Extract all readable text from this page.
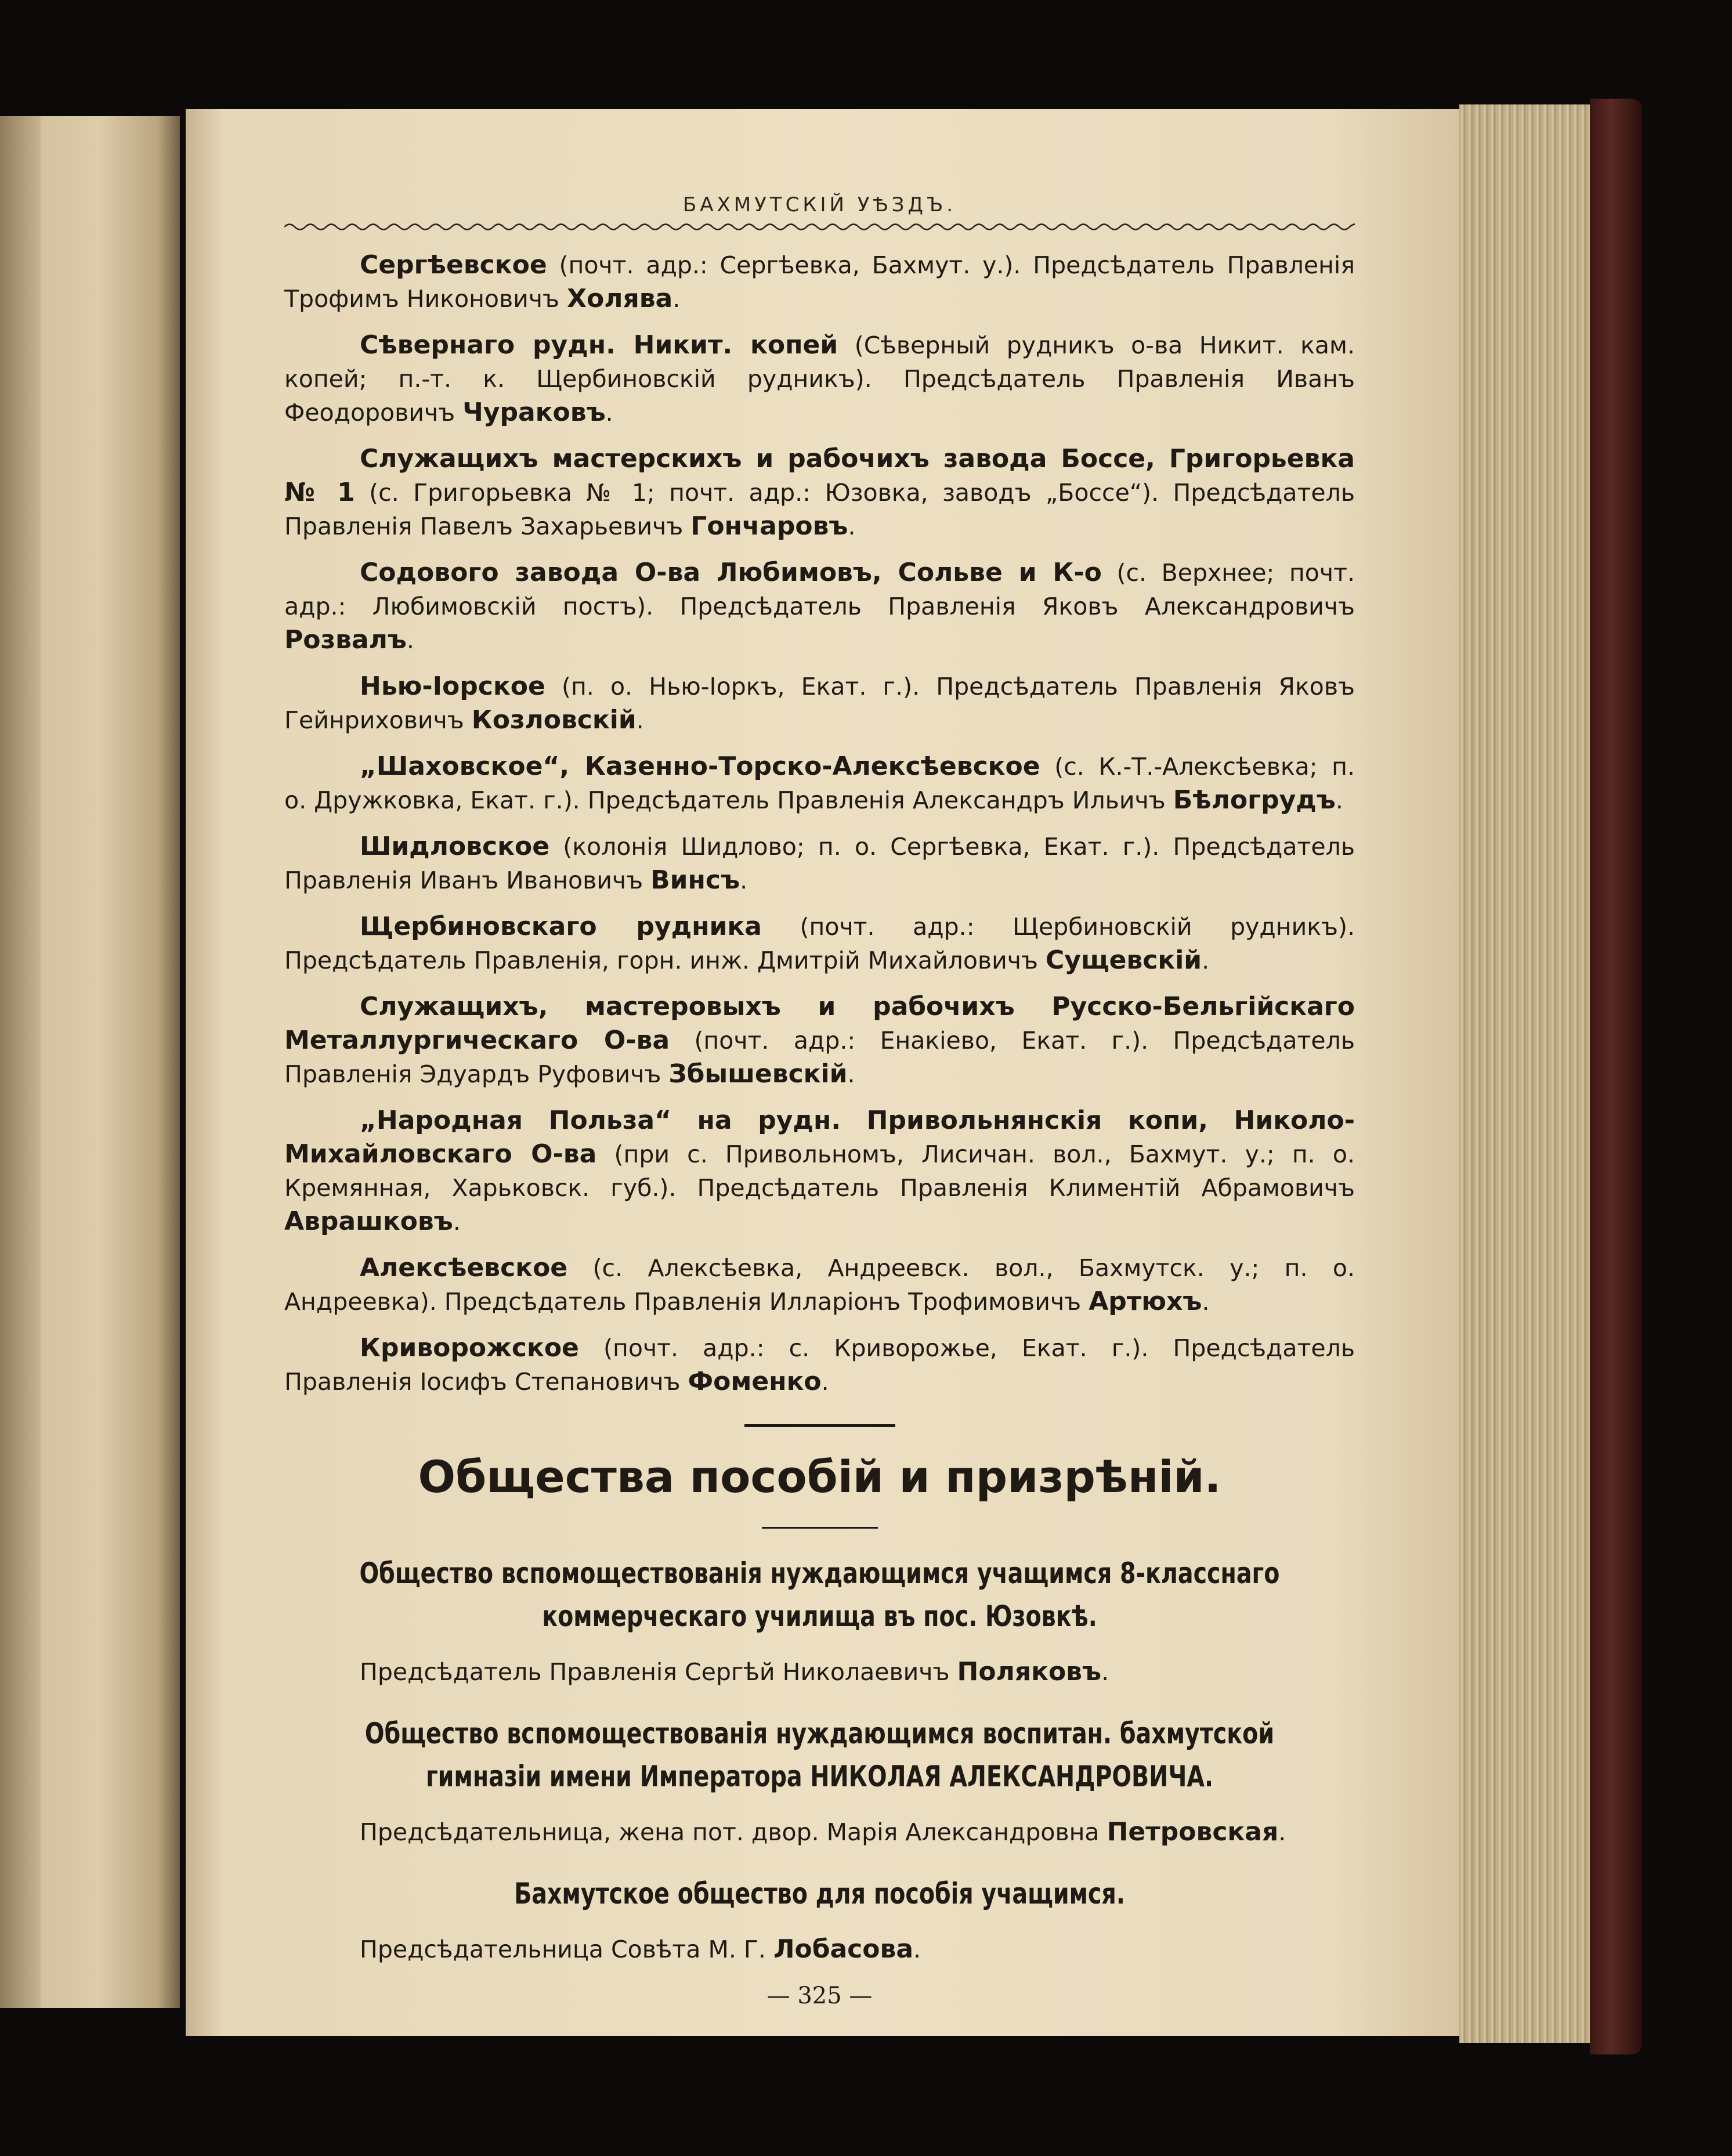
БАХМУТСКІЙ УѢЗДЪ.

Сергѣевское (почт. адр.: Сергѣевка, Бахмут. у.). Предсѣдатель Правленія Трофимъ Никоновичъ Холява.

Сѣвернаго рудн. Никит. копей (Сѣверный рудникъ о-ва Никит. кам. копей; п.-т. к. Щербиновскій рудникъ). Предсѣдатель Правленія Иванъ Феодоровичъ Чураковъ.

Служащихъ мастерскихъ и рабочихъ завода Боссе, Григорьевка № 1 (с. Григорьевка № 1; почт. адр.: Юзовка, заводъ „Боссе“). Предсѣдатель Правленія Павелъ Захарьевичъ Гончаровъ.

Содового завода О-ва Любимовъ, Сольве и К-о (с. Верхнее; почт. адр.: Любимовскій постъ). Предсѣдатель Правленія Яковъ Александровичъ Розвалъ.

Нью-Іорское (п. о. Нью-Іоркъ, Екат. г.). Предсѣдатель Правленія Яковъ Гейнриховичъ Козловскій.

„Шаховское“, Казенно-Торско-Алексѣевское (с. К.-Т.-Алексѣевка; п. о. Дружковка, Екат. г.). Предсѣдатель Правленія Александръ Ильичъ Бѣлогрудъ.

Шидловское (колонія Шидлово; п. о. Сергѣевка, Екат. г.). Предсѣдатель Правленія Иванъ Ивановичъ Винсъ.

Щербиновскаго рудника (почт. адр.: Щербиновскій рудникъ). Предсѣдатель Правленія, горн. инж. Дмитрій Михайловичъ Сущевскій.

Служащихъ, мастеровыхъ и рабочихъ Русско-Бельгійскаго Металлургическаго О-ва (почт. адр.: Енакіево, Екат. г.). Предсѣдатель Правленія Эдуардъ Руфовичъ Збышевскій.

„Народная Польза“ на рудн. Привольнянскія копи, Николо-Михайловскаго О-ва (при с. Привольномъ, Лисичан. вол., Бахмут. у.; п. о. Кремянная, Харьковск. губ.). Предсѣдатель Правленія Климентій Абрамовичъ Аврашковъ.

Алексѣевское (с. Алексѣевка, Андреевск. вол., Бахмутск. у.; п. о. Андреевка). Предсѣдатель Правленія Илларіонъ Трофимовичъ Артюхъ.

Криворожское (почт. адр.: с. Криворожье, Екат. г.). Предсѣдатель Правленія Іосифъ Степановичъ Фоменко.

Общества пособій и призрѣній.
Общество вспомоществованія нуждающимся учащимся 8-класснаго
коммерческаго училища въ пос. Юзовкѣ.

Предсѣдатель Правленія Сергѣй Николаевичъ Поляковъ.

Общество вспомоществованія нуждающимся воспитан. бахмутской
гимназіи имени Императора НИКОЛАЯ АЛЕКСАНДРОВИЧА.

Предсѣдательница, жена пот. двор. Марія Александровна Петровская.

Бахмутское общество для пособія учащимся.

Предсѣдательница Совѣта М. Г. Лобасова.

— 325 —
